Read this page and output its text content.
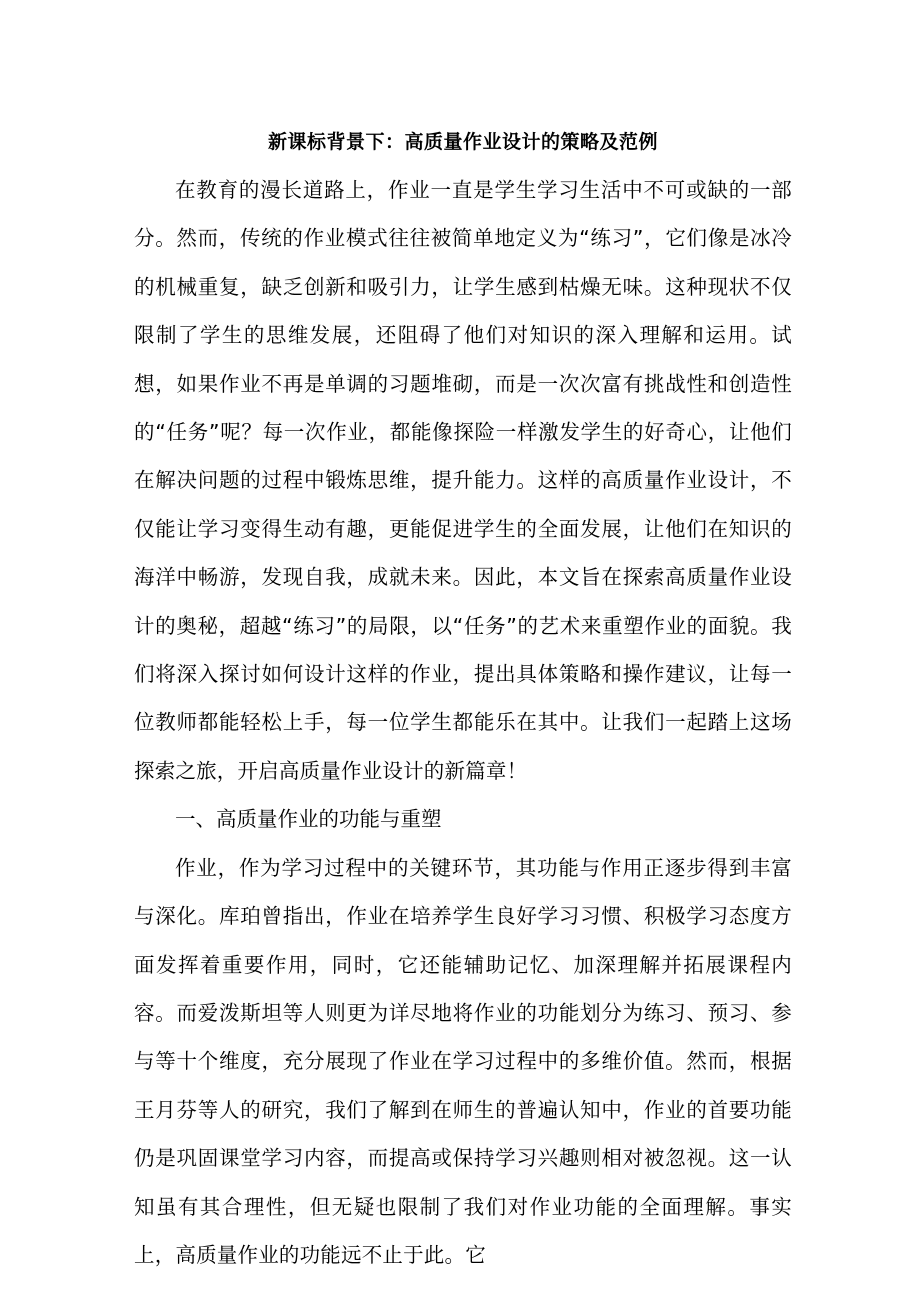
新课标背景下：高质量作业设计的策略及范例

在教育的漫长道路上，作业一直是学生学习生活中不可或缺的一部分。然而，传统的作业模式往往被简单地定义为“练习”，它们像是冰冷的机械重复，缺乏创新和吸引力，让学生感到枯燥无味。这种现状不仅限制了学生的思维发展，还阻碍了他们对知识的深入理解和运用。试想，如果作业不再是单调的习题堆砌，而是一次次富有挑战性和创造性的“任务”呢？每一次作业，都能像探险一样激发学生的好奇心，让他们在解决问题的过程中锻炼思维，提升能力。这样的高质量作业设计，不仅能让学习变得生动有趣，更能促进学生的全面发展，让他们在知识的海洋中畅游，发现自我，成就未来。因此，本文旨在探索高质量作业设计的奥秘，超越“练习”的局限，以“任务”的艺术来重塑作业的面貌。我们将深入探讨如何设计这样的作业，提出具体策略和操作建议，让每一位教师都能轻松上手，每一位学生都能乐在其中。让我们一起踏上这场探索之旅，开启高质量作业设计的新篇章！

一、高质量作业的功能与重塑

作业，作为学习过程中的关键环节，其功能与作用正逐步得到丰富与深化。库珀曾指出，作业在培养学生良好学习习惯、积极学习态度方面发挥着重要作用，同时，它还能辅助记忆、加深理解并拓展课程内容。而爱泼斯坦等人则更为详尽地将作业的功能划分为练习、预习、参与等十个维度，充分展现了作业在学习过程中的多维价值。然而，根据王月芬等人的研究，我们了解到在师生的普遍认知中，作业的首要功能仍是巩固课堂学习内容，而提高或保持学习兴趣则相对被忽视。这一认知虽有其合理性，但无疑也限制了我们对作业功能的全面理解。事实上，高质量作业的功能远不止于此。它
